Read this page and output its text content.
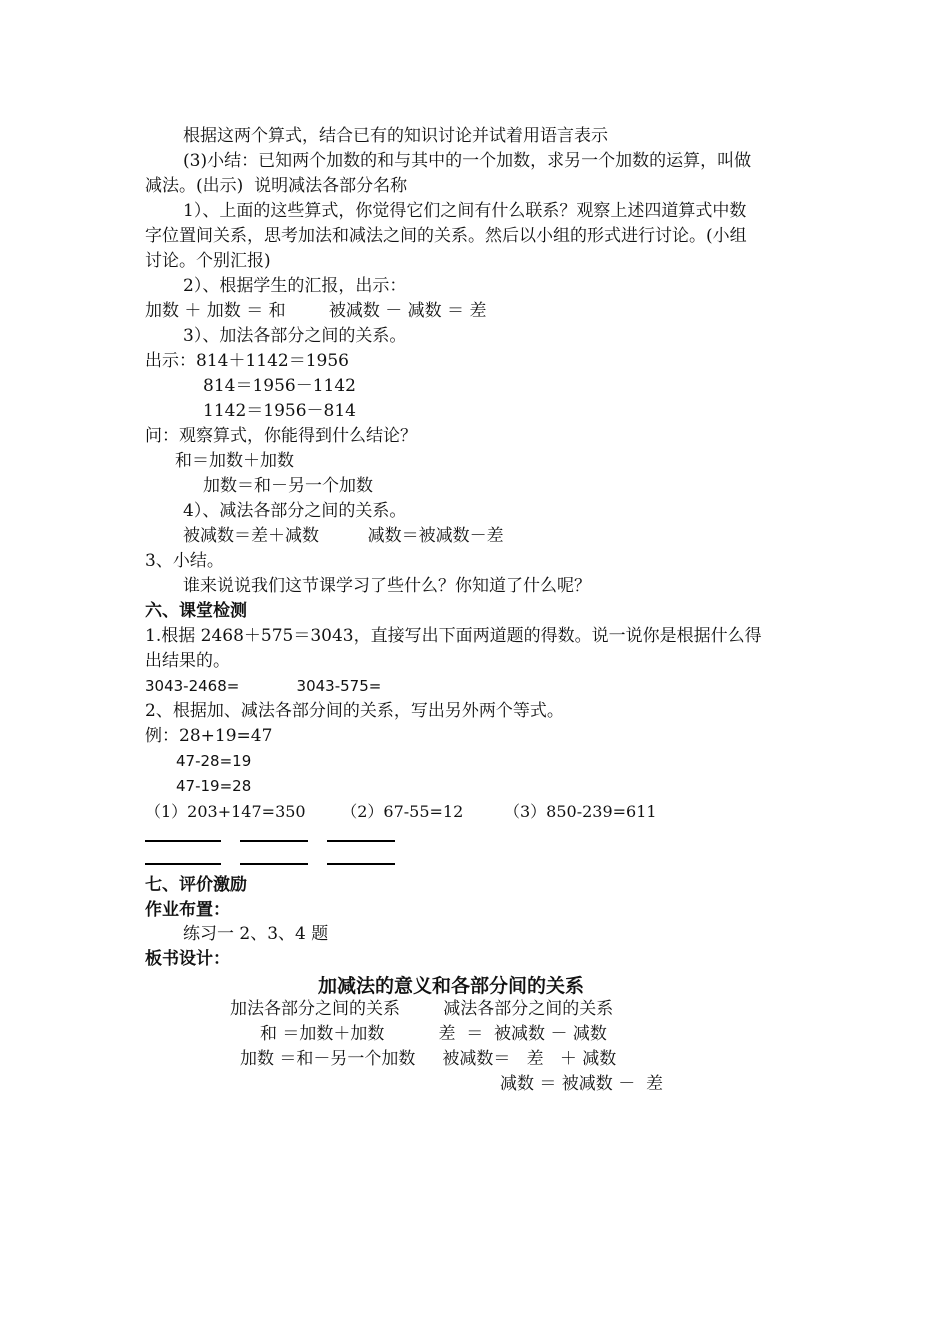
根据这两个算式，结合已有的知识讨论并试着用语言表示
(3)小结：已知两个加数的和与其中的一个加数，求另一个加数的运算，叫做
减法。(出示)  说明减法各部分名称
1）、上面的这些算式，你觉得它们之间有什么联系？观察上述四道算式中数
字位置间关系，思考加法和减法之间的关系。然后以小组的形式进行讨论。(小组
讨论。个别汇报)
2）、根据学生的汇报，出示：
加数 ＋ 加数 ＝ 和        被减数 － 减数 ＝ 差
3）、加法各部分之间的关系。
出示：814＋1142＝1956
814＝1956－1142
1142＝1956－814
问：观察算式，你能得到什么结论？
和＝加数＋加数
加数＝和－另一个加数
4）、减法各部分之间的关系。
被减数＝差＋减数         减数＝被减数－差
3、小结。
谁来说说我们这节课学习了些什么？你知道了什么呢？
六、课堂检测
1.根据 2468＋575＝3043，直接写出下面两道题的得数。说一说你是根据什么得
出结果的。
3043-2468=            3043-575=
2、根据加、减法各部分间的关系，写出另外两个等式。
例：28+19=47
47-28=19
47-19=28
（1）203+147=350       （2）67-55=12        （3）850-239=611
七、评价激励
作业布置：
练习一 2、3、4 题
板书设计：
加减法的意义和各部分间的关系
加法各部分之间的关系        减法各部分之间的关系
和 ＝加数＋加数          差  ＝  被减数 － 减数
加数 ＝和－另一个加数     被减数＝   差   ＋ 减数
减数 ＝ 被减数 －  差
